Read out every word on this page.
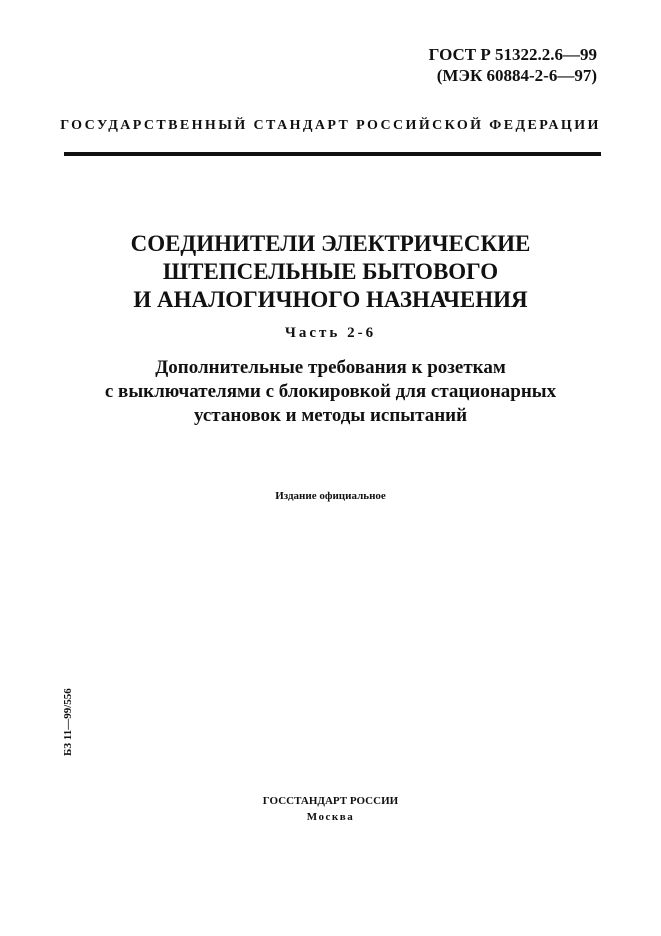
ГОСТ Р 51322.2.6—99
(МЭК 60884-2-6—97)
ГОСУДАРСТВЕННЫЙ СТАНДАРТ РОССИЙСКОЙ ФЕДЕРАЦИИ
СОЕДИНИТЕЛИ ЭЛЕКТРИЧЕСКИЕ
ШТЕПСЕЛЬНЫЕ БЫТОВОГО
И АНАЛОГИЧНОГО НАЗНАЧЕНИЯ
Часть 2-6
Дополнительные требования к розеткам
с выключателями с блокировкой для стационарных
установок и методы испытаний
Издание официальное
БЗ 11—99/556
ГОССТАНДАРТ РОССИИ
Москва
